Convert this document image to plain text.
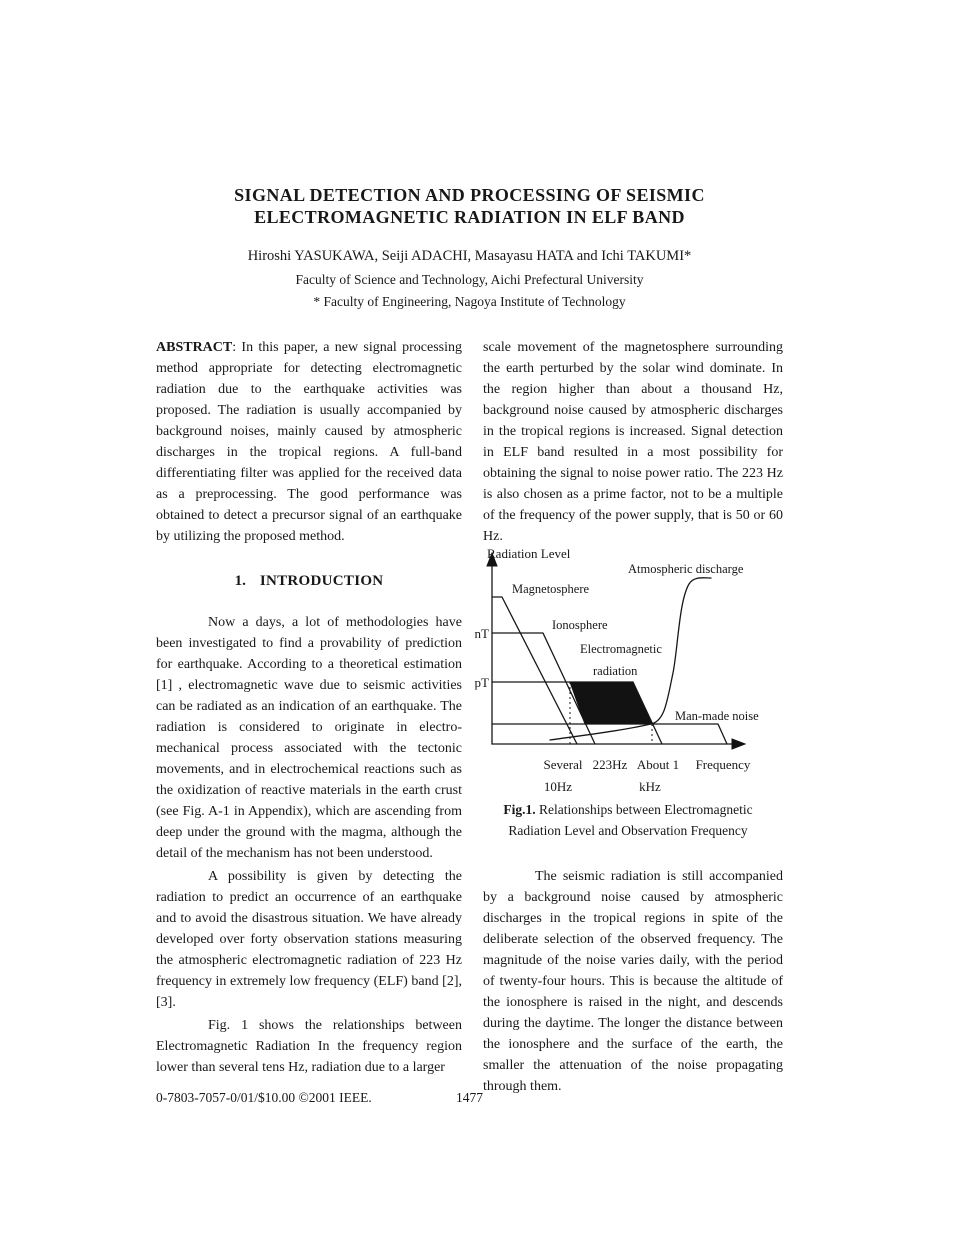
SIGNAL DETECTION AND PROCESSING OF SEISMIC
ELECTROMAGNETIC RADIATION IN ELF BAND
Hiroshi YASUKAWA, Seiji ADACHI, Masayasu HATA and Ichi TAKUMI*
Faculty of Science and Technology, Aichi Prefectural University
* Faculty of Engineering, Nagoya Institute of Technology

ABSTRACT: In this paper, a new signal processing method appropriate for detecting electromagnetic radiation due to the earthquake activities was proposed. The radiation is usually accompanied by background noises, mainly caused by atmospheric discharges in the tropical regions. A full-band differentiating filter was applied for the received data as a preprocessing. The good performance was obtained to detect a precursor signal of an earthquake by utilizing the proposed method.

1. INTRODUCTION

Now a days, a lot of methodologies have been investigated to find a provability of prediction for earthquake. According to a theoretical estimation [1] , electromagnetic wave due to seismic activities can be radiated as an indication of an earthquake. The radiation is considered to originate in electro-mechanical process associated with the tectonic movements, and in electrochemical reactions such as the oxidization of reactive materials in the earth crust (see Fig. A-1 in Appendix), which are ascending from deep under the ground with the magma, although the detail of the mechanism has not been understood.

A possibility is given by detecting the radiation to predict an occurrence of an earthquake and to avoid the disastrous situation. We have already developed over forty observation stations measuring the atmospheric electromagnetic radiation of 223 Hz frequency in extremely low frequency (ELF) band [2], [3].

Fig. 1 shows the relationships between Electromagnetic Radiation In the frequency region lower than several tens Hz, radiation due to a larger

scale movement of the magnetosphere surrounding the earth perturbed by the solar wind dominate. In the region higher than about a thousand Hz, background noise caused by atmospheric discharges in the tropical regions is increased. Signal detection in ELF band resulted in a most possibility for obtaining the signal to noise power ratio. The 223 Hz is also chosen as a prime factor, not to be a multiple of the frequency of the power supply, that is 50 or 60 Hz.

Radiation Level
Atmospheric discharge
Magnetosphere
Ionosphere
Electromagnetic
radiation
nT
pT
Man-made noise
Several
10Hz
223Hz About 1
kHz
Frequency
Fig.1. Relationships between Electromagnetic
Radiation Level and Observation Frequency

The seismic radiation is still accompanied by a background noise caused by atmospheric discharges in the tropical regions in spite of the deliberate selection of the observed frequency. The magnitude of the noise varies daily, with the period of twenty-four hours. This is because the altitude of the ionosphere is raised in the night, and descends during the daytime. The longer the distance between the ionosphere and the surface of the earth, the smaller the attenuation of the noise propagating through them.

0-7803-7057-0/01/$10.00 ©2001 IEEE.	1477
